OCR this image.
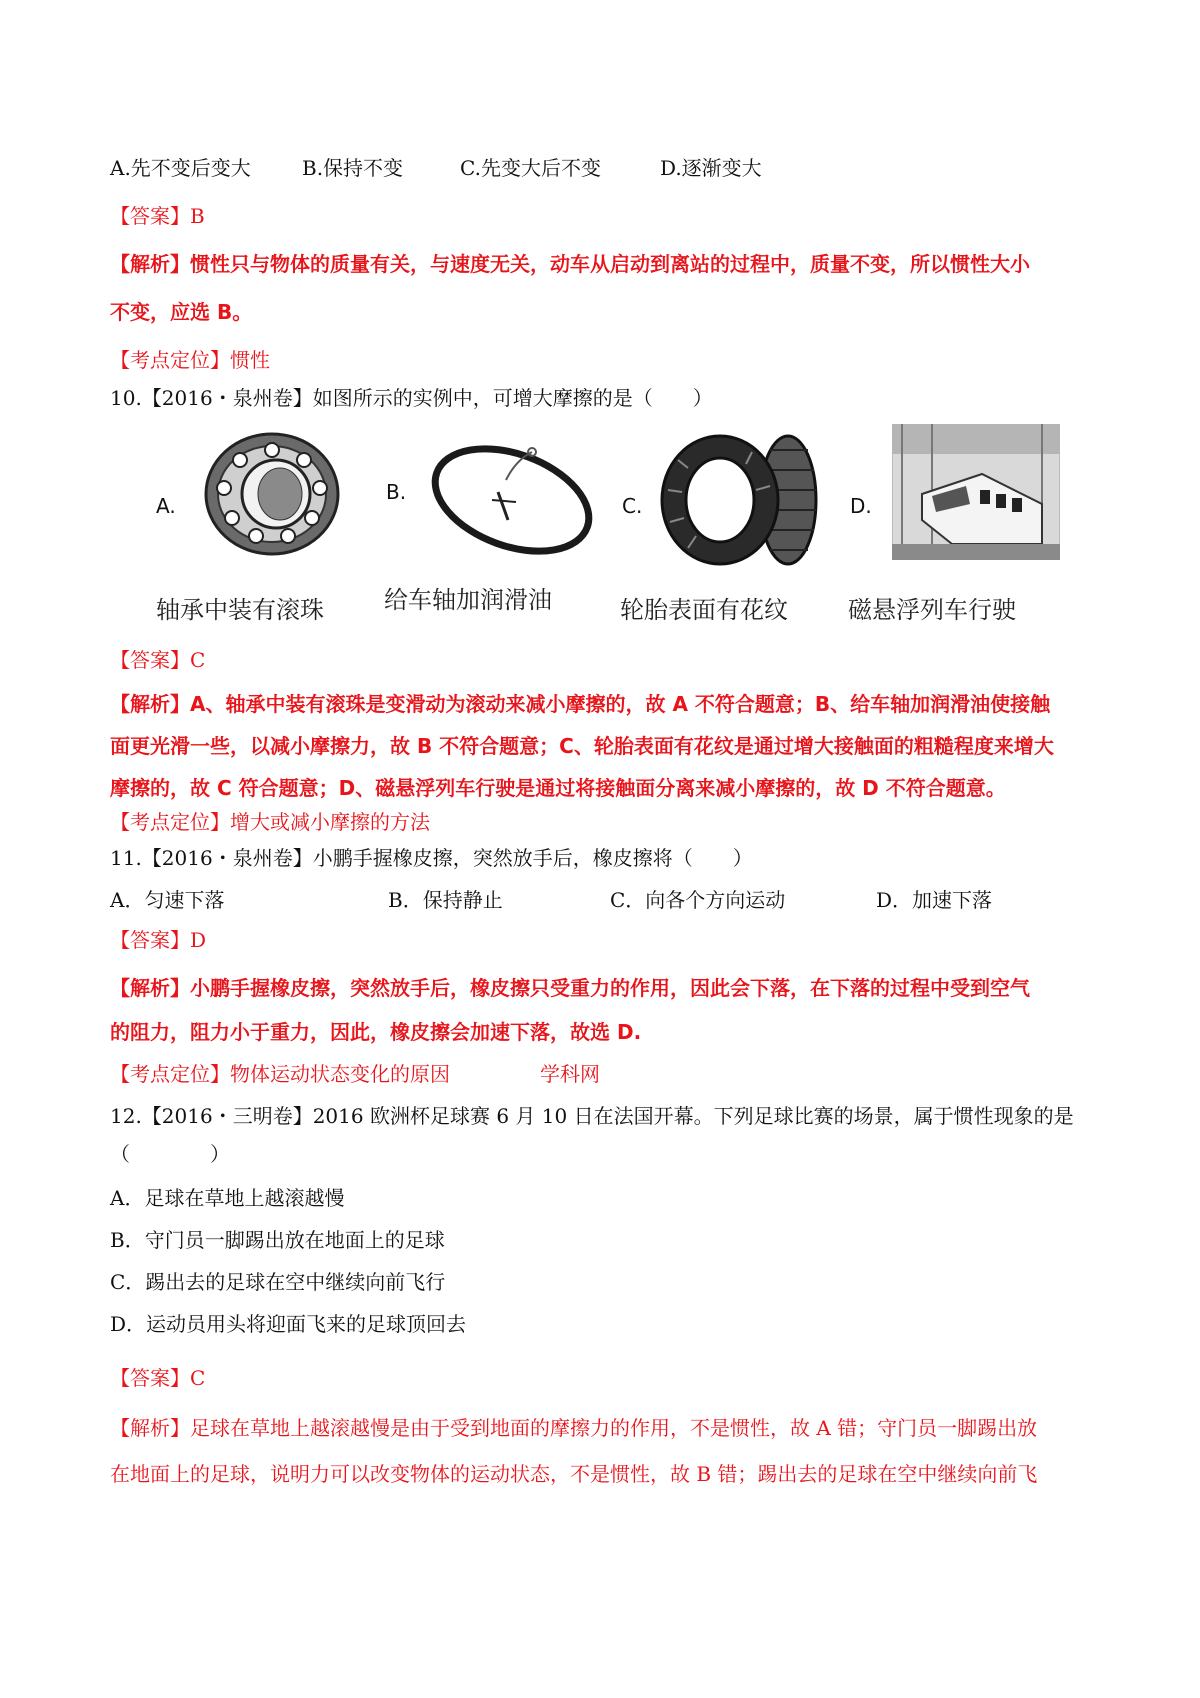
A.先不变后变大	B.保持不变	C.先变大后不变	D.逐渐变大
【答案】B
【解析】惯性只与物体的质量有关，与速度无关，动车从启动到离站的过程中，质量不变，所以惯性大小
不变，应选 B。
【考点定位】惯性
10.【2016・泉州卷】如图所示的实例中，可增大摩擦的是（　　）
A.
轴承中装有滚珠
B.
给车轴加润滑油
C.
轮胎表面有花纹
D.
磁悬浮列车行驶
【答案】C
【解析】A、轴承中装有滚珠是变滑动为滚动来减小摩擦的，故 A 不符合题意；B、给车轴加润滑油使接触
面更光滑一些，以减小摩擦力，故 B 不符合题意；C、轮胎表面有花纹是通过增大接触面的粗糙程度来增大
摩擦的，故 C 符合题意；D、磁悬浮列车行驶是通过将接触面分离来减小摩擦的，故 D 不符合题意。
【考点定位】增大或减小摩擦的方法
11.【2016・泉州卷】小鹏手握橡皮擦，突然放手后，橡皮擦将（　　）
A．匀速下落	B．保持静止	C．向各个方向运动	D．加速下落
【答案】D
【解析】小鹏手握橡皮擦，突然放手后，橡皮擦只受重力的作用，因此会下落，在下落的过程中受到空气
的阻力，阻力小于重力，因此，橡皮擦会加速下落，故选 D.
【考点定位】物体运动状态变化的原因	学科网
12.【2016・三明卷】2016 欧洲杯足球赛 6 月 10 日在法国开幕。下列足球比赛的场景，属于惯性现象的是
（　　　　）
A．足球在草地上越滚越慢
B．守门员一脚踢出放在地面上的足球
C．踢出去的足球在空中继续向前飞行
D．运动员用头将迎面飞来的足球顶回去
【答案】C
【解析】足球在草地上越滚越慢是由于受到地面的摩擦力的作用，不是惯性，故 A 错；守门员一脚踢出放
在地面上的足球，说明力可以改变物体的运动状态，不是惯性，故 B 错；踢出去的足球在空中继续向前飞
